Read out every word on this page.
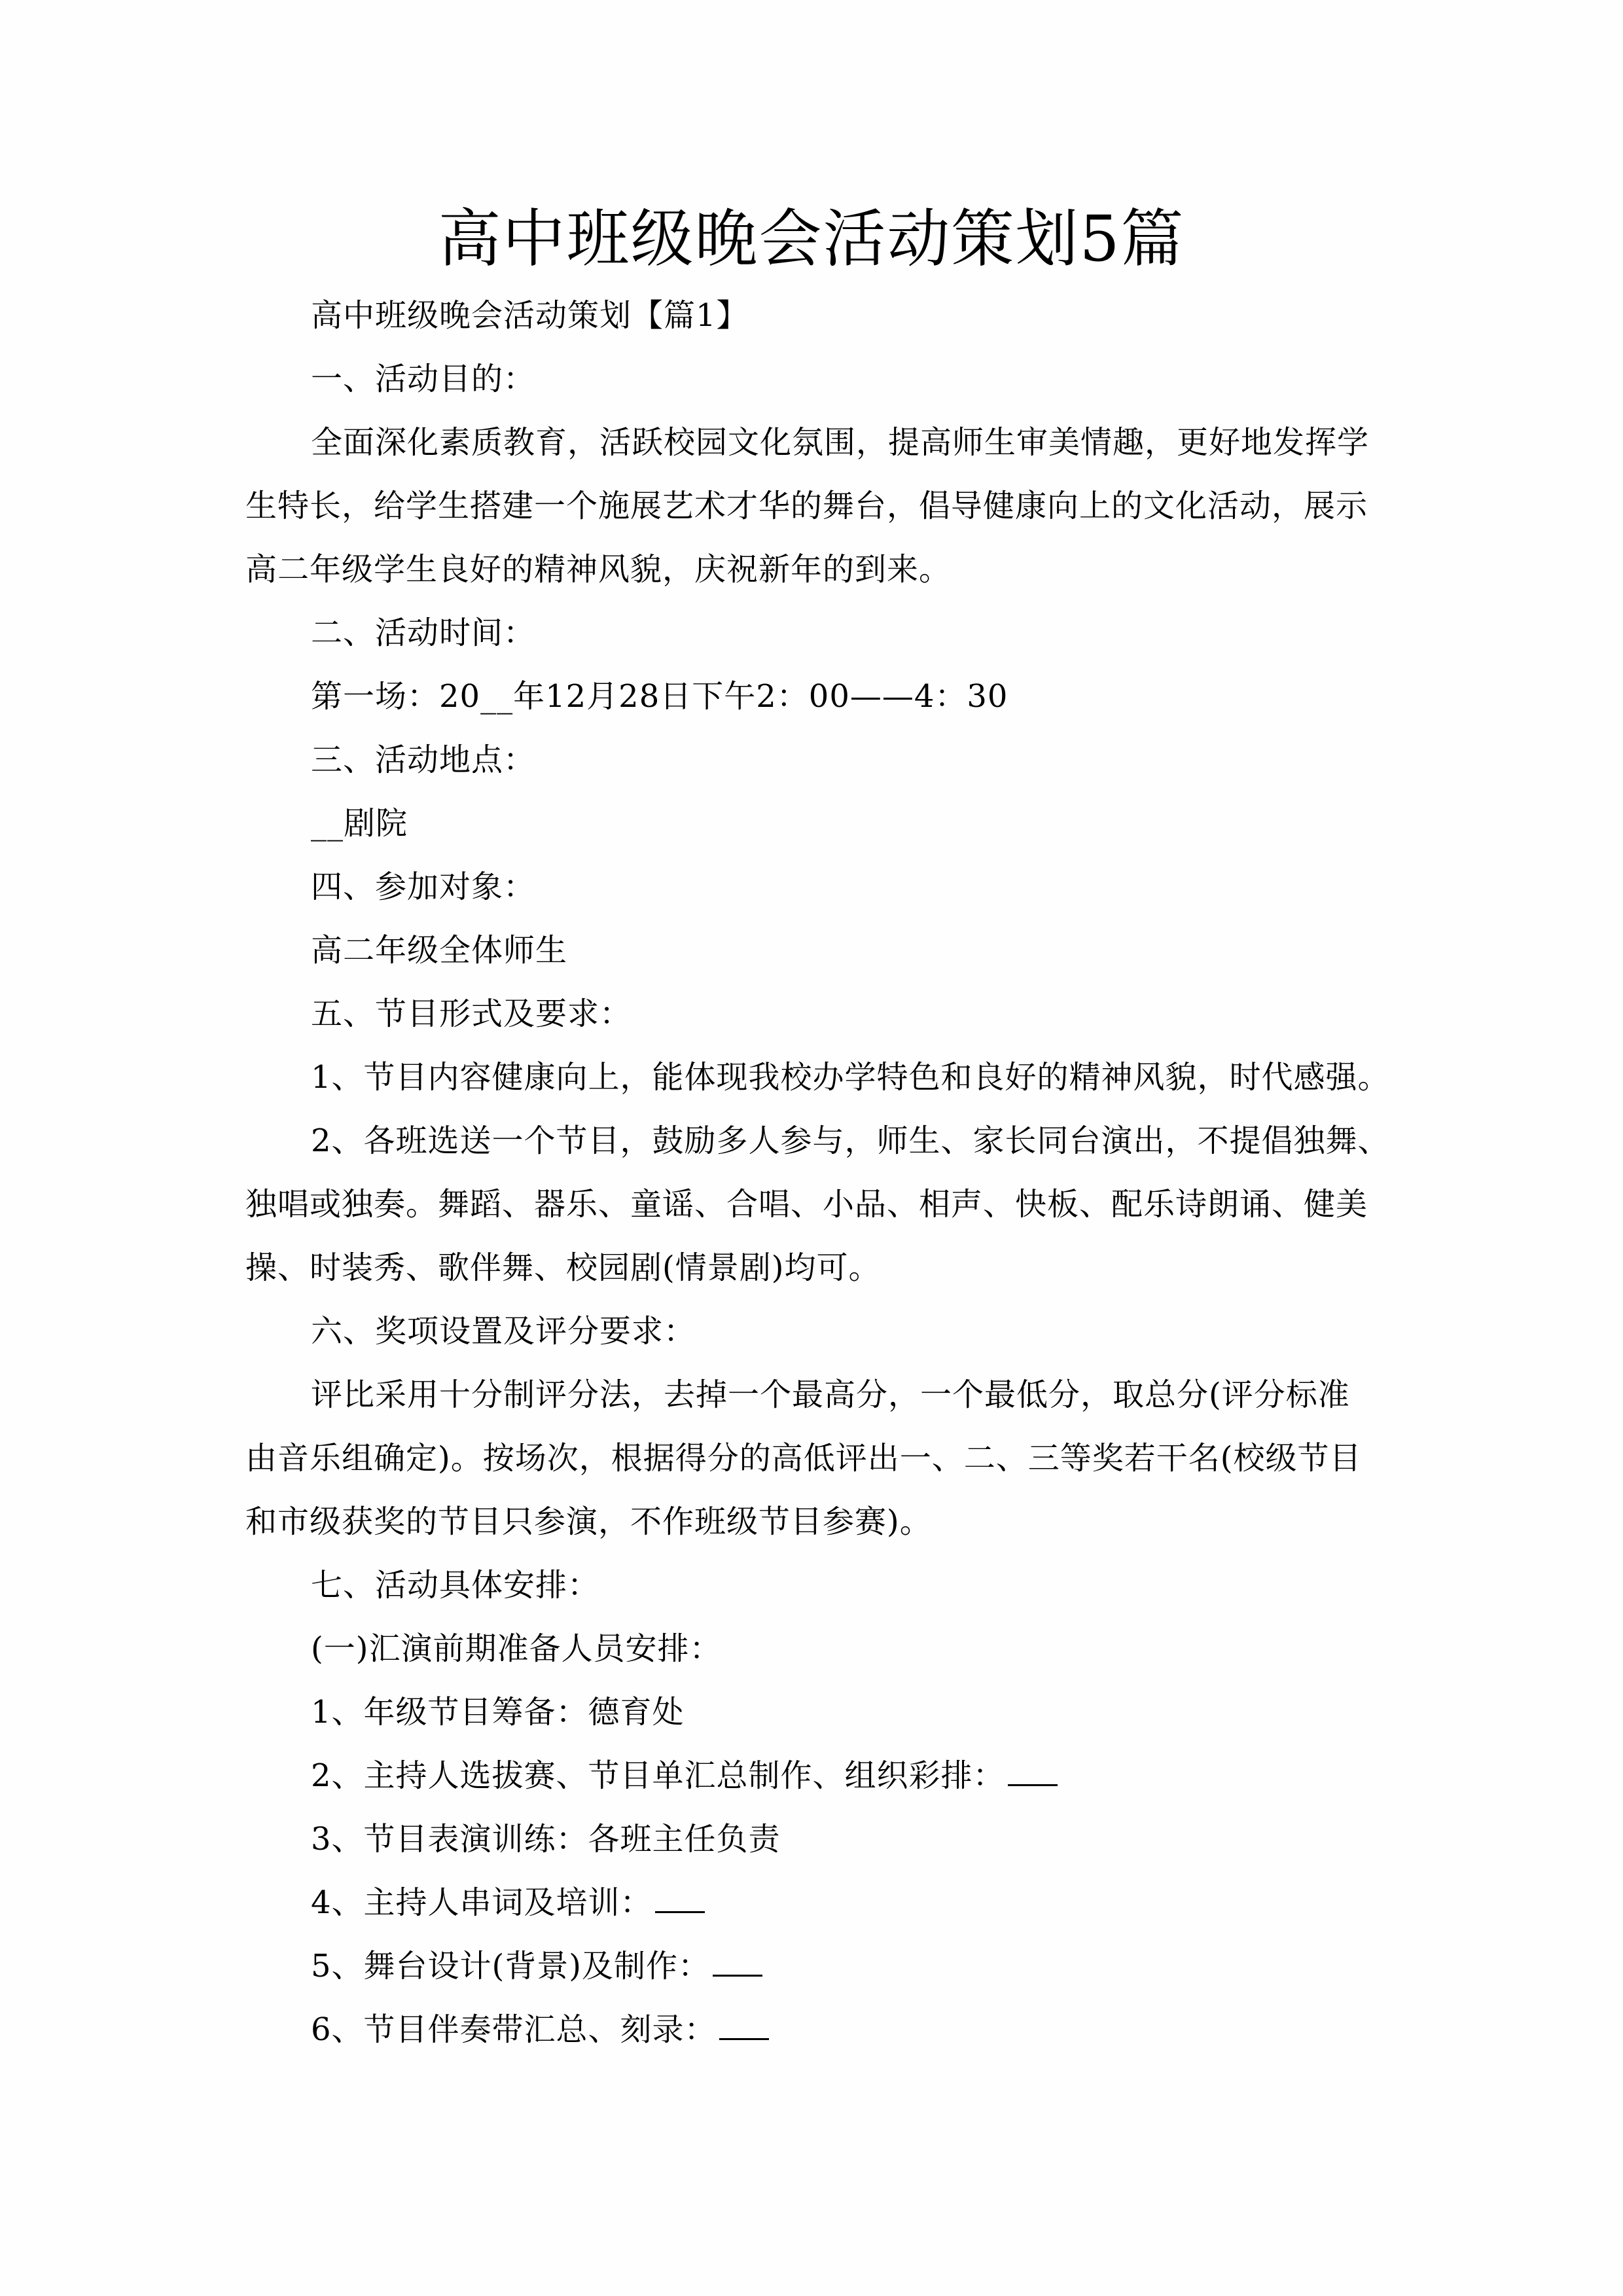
高中班级晚会活动策划5篇
高中班级晚会活动策划【篇1】
一、活动目的：
全面深化素质教育，活跃校园文化氛围，提高师生审美情趣，更好地发挥学
生特长，给学生搭建一个施展艺术才华的舞台，倡导健康向上的文化活动，展示
高二年级学生良好的精神风貌，庆祝新年的到来。
二、活动时间：
第一场：20__年12月28日下午2：00——4：30
三、活动地点：
__剧院
四、参加对象：
高二年级全体师生
五、节目形式及要求：
1、节目内容健康向上，能体现我校办学特色和良好的精神风貌，时代感强。
2、各班选送一个节目，鼓励多人参与，师生、家长同台演出，不提倡独舞、
独唱或独奏。舞蹈、器乐、童谣、合唱、小品、相声、快板、配乐诗朗诵、健美
操、时装秀、歌伴舞、校园剧(情景剧)均可。
六、奖项设置及评分要求：
评比采用十分制评分法，去掉一个最高分，一个最低分，取总分(评分标准
由音乐组确定)。按场次，根据得分的高低评出一、二、三等奖若干名(校级节目
和市级获奖的节目只参演，不作班级节目参赛)。
七、活动具体安排：
(一)汇演前期准备人员安排：
1、年级节目筹备：德育处
2、主持人选拔赛、节目单汇总制作、组织彩排：
3、节目表演训练：各班主任负责
4、主持人串词及培训：
5、舞台设计(背景)及制作：
6、节目伴奏带汇总、刻录：
